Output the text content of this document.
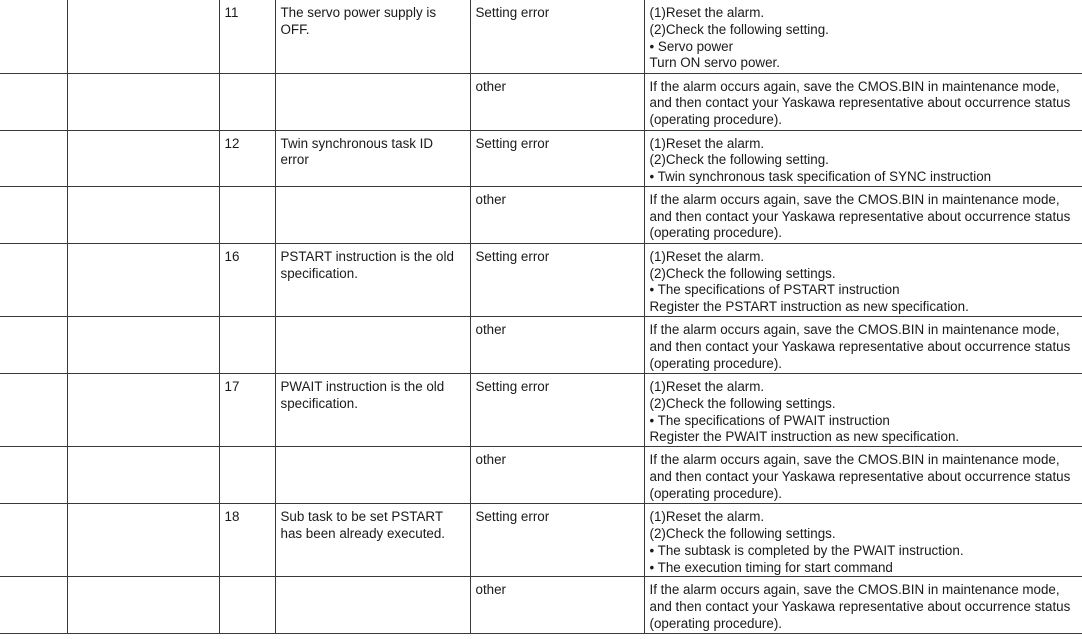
		11	The servo power supply is OFF.	Setting error	(1)Reset the alarm.
(2)Check the following setting.
• Servo power
Turn ON servo power.

				other	If the alarm occurs again, save the CMOS.BIN in maintenance mode, and then contact your Yaskawa representative about occurrence status (operating procedure).

		12	Twin synchronous task ID error	Setting error	(1)Reset the alarm.
(2)Check the following setting.
• Twin synchronous task specification of SYNC instruction

				other	If the alarm occurs again, save the CMOS.BIN in maintenance mode, and then contact your Yaskawa representative about occurrence status (operating procedure).

		16	PSTART instruction is the old specification.	Setting error	(1)Reset the alarm.
(2)Check the following settings.
• The specifications of PSTART instruction
Register the PSTART instruction as new specification.

				other	If the alarm occurs again, save the CMOS.BIN in maintenance mode, and then contact your Yaskawa representative about occurrence status (operating procedure).

		17	PWAIT instruction is the old specification.	Setting error	(1)Reset the alarm.
(2)Check the following settings.
• The specifications of PWAIT instruction
Register the PWAIT instruction as new specification.

				other	If the alarm occurs again, save the CMOS.BIN in maintenance mode, and then contact your Yaskawa representative about occurrence status (operating procedure).

		18	Sub task to be set PSTART has been already executed.	Setting error	(1)Reset the alarm.
(2)Check the following settings.
• The subtask is completed by the PWAIT instruction.
• The execution timing for start command

				other	If the alarm occurs again, save the CMOS.BIN in maintenance mode, and then contact your Yaskawa representative about occurrence status (operating procedure).
